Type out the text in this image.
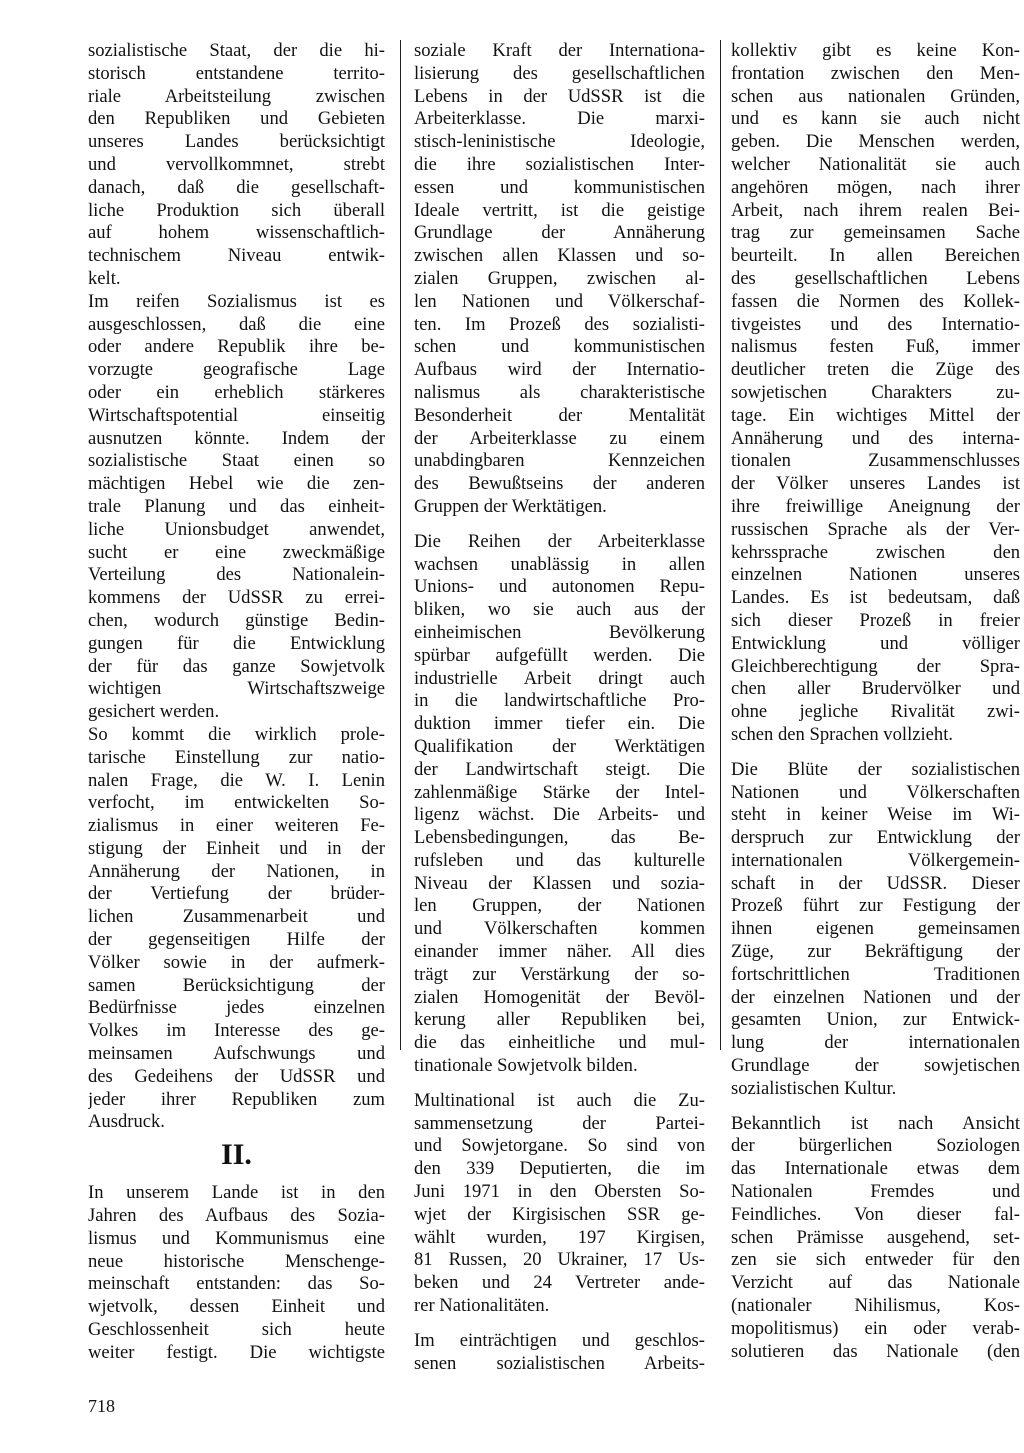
sozialistische Staat, der die hi-
storisch entstandene territo-
riale Arbeitsteilung zwischen
den Republiken und Gebieten
unseres Landes berücksichtigt
und vervollkommnet, strebt
danach, daß die gesellschaft-
liche Produktion sich überall
auf hohem wissenschaftlich-
technischem Niveau entwik-
kelt.
Im reifen Sozialismus ist es
ausgeschlossen, daß die eine
oder andere Republik ihre be-
vorzugte geografische Lage
oder ein erheblich stärkeres
Wirtschaftspotential einseitig
ausnutzen könnte. Indem der
sozialistische Staat einen so
mächtigen Hebel wie die zen-
trale Planung und das einheit-
liche Unionsbudget anwendet,
sucht er eine zweckmäßige
Verteilung des Nationalein-
kommens der UdSSR zu errei-
chen, wodurch günstige Bedin-
gungen für die Entwicklung
der für das ganze Sowjetvolk
wichtigen Wirtschaftszweige
gesichert werden.
So kommt die wirklich prole-
tarische Einstellung zur natio-
nalen Frage, die W. I. Lenin
verfocht, im entwickelten So-
zialismus in einer weiteren Fe-
stigung der Einheit und in der
Annäherung der Nationen, in
der Vertiefung der brüder-
lichen Zusammenarbeit und
der gegenseitigen Hilfe der
Völker sowie in der aufmerk-
samen Berücksichtigung der
Bedürfnisse jedes einzelnen
Volkes im Interesse des ge-
meinsamen Aufschwungs und
des Gedeihens der UdSSR und
jeder ihrer Republiken zum
Ausdruck.
II.
In unserem Lande ist in den
Jahren des Aufbaus des Sozia-
lismus und Kommunismus eine
neue historische Menschenge-
meinschaft entstanden: das So-
wjetvolk, dessen Einheit und
Geschlossenheit sich heute
weiter festigt. Die wichtigste
soziale Kraft der Internationa-
lisierung des gesellschaftlichen
Lebens in der UdSSR ist die
Arbeiterklasse. Die marxi-
stisch-leninistische Ideologie,
die ihre sozialistischen Inter-
essen und kommunistischen
Ideale vertritt, ist die geistige
Grundlage der Annäherung
zwischen allen Klassen und so-
zialen Gruppen, zwischen al-
len Nationen und Völkerschaf-
ten. Im Prozeß des sozialisti-
schen und kommunistischen
Aufbaus wird der Internatio-
nalismus als charakteristische
Besonderheit der Mentalität
der Arbeiterklasse zu einem
unabdingbaren Kennzeichen
des Bewußtseins der anderen
Gruppen der Werktätigen.
Die Reihen der Arbeiterklasse
wachsen unablässig in allen
Unions- und autonomen Repu-
bliken, wo sie auch aus der
einheimischen Bevölkerung
spürbar aufgefüllt werden. Die
industrielle Arbeit dringt auch
in die landwirtschaftliche Pro-
duktion immer tiefer ein. Die
Qualifikation der Werktätigen
der Landwirtschaft steigt. Die
zahlenmäßige Stärke der Intel-
ligenz wächst. Die Arbeits- und
Lebensbedingungen, das Be-
rufsleben und das kulturelle
Niveau der Klassen und sozia-
len Gruppen, der Nationen
und Völkerschaften kommen
einander immer näher. All dies
trägt zur Verstärkung der so-
zialen Homogenität der Bevöl-
kerung aller Republiken bei,
die das einheitliche und mul-
tinationale Sowjetvolk bilden.
Multinational ist auch die Zu-
sammensetzung der Partei-
und Sowjetorgane. So sind von
den 339 Deputierten, die im
Juni 1971 in den Obersten So-
wjet der Kirgisischen SSR ge-
wählt wurden, 197 Kirgisen,
81 Russen, 20 Ukrainer, 17 Us-
beken und 24 Vertreter ande-
rer Nationalitäten.
Im einträchtigen und geschlos-
senen sozialistischen Arbeits-
kollektiv gibt es keine Kon-
frontation zwischen den Men-
schen aus nationalen Gründen,
und es kann sie auch nicht
geben. Die Menschen werden,
welcher Nationalität sie auch
angehören mögen, nach ihrer
Arbeit, nach ihrem realen Bei-
trag zur gemeinsamen Sache
beurteilt. In allen Bereichen
des gesellschaftlichen Lebens
fassen die Normen des Kollek-
tivgeistes und des Internatio-
nalismus festen Fuß, immer
deutlicher treten die Züge des
sowjetischen Charakters zu-
tage. Ein wichtiges Mittel der
Annäherung und des interna-
tionalen Zusammenschlusses
der Völker unseres Landes ist
ihre freiwillige Aneignung der
russischen Sprache als der Ver-
kehrssprache zwischen den
einzelnen Nationen unseres
Landes. Es ist bedeutsam, daß
sich dieser Prozeß in freier
Entwicklung und völliger
Gleichberechtigung der Spra-
chen aller Brudervölker und
ohne jegliche Rivalität zwi-
schen den Sprachen vollzieht.
Die Blüte der sozialistischen
Nationen und Völkerschaften
steht in keiner Weise im Wi-
derspruch zur Entwicklung der
internationalen Völkergemein-
schaft in der UdSSR. Dieser
Prozeß führt zur Festigung der
ihnen eigenen gemeinsamen
Züge, zur Bekräftigung der
fortschrittlichen Traditionen
der einzelnen Nationen und der
gesamten Union, zur Entwick-
lung der internationalen
Grundlage der sowjetischen
sozialistischen Kultur.
Bekanntlich ist nach Ansicht
der bürgerlichen Soziologen
das Internationale etwas dem
Nationalen Fremdes und
Feindliches. Von dieser fal-
schen Prämisse ausgehend, set-
zen sie sich entweder für den
Verzicht auf das Nationale
(nationaler Nihilismus, Kos-
mopolitismus) ein oder verab-
solutieren das Nationale (den
718
